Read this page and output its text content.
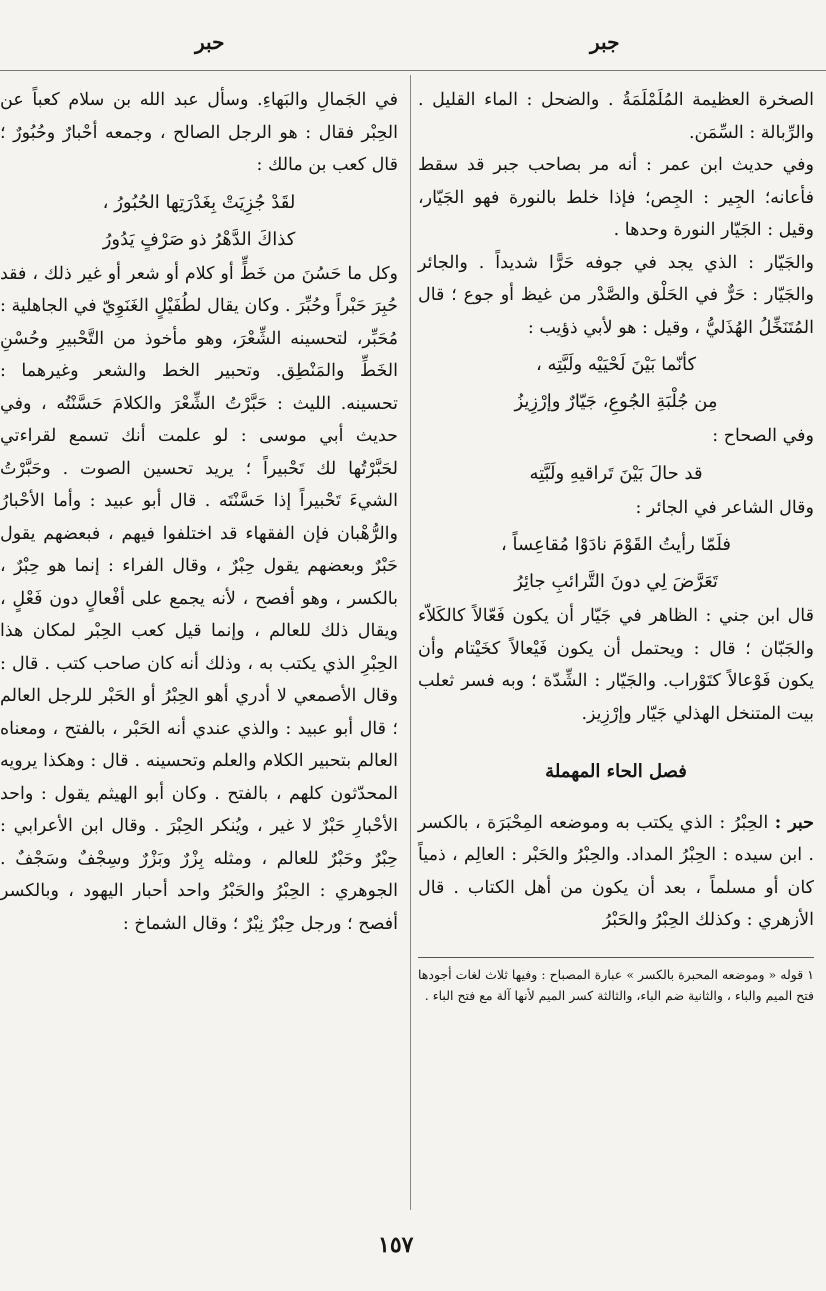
جبر
حبر

الصخرة العظيمة المُلَمْلَمَةُ . والضحل : الماء القليل . والرِّبالة : السِّمَن.

وفي حديث ابن عمر : أنه مر بصاحب جبر قد سقط فأعانه؛ الجِير : الجِص؛ فإذا خلط بالنورة فهو الجَيّار، وقيل : الجَيّار النورة وحدها .

والجَيّار : الذي يجد في جوفه حَرًّا شديداً . والجائر والجَيّار : حَرٌّ في الحَلْق والصَّدْر من غيظ أو جوع ؛ قال المُتَنَخِّلُ الهُذَليُّ ، وقيل : هو لأبي ذؤيب :

كأنّما بَيْنَ لَحْيَيْه ولَبَّتِه ،
مِن جُلْبَةِ الجُوعِ، جَيّارٌ وإرْزِيزُ

وفي الصحاح :

قد حالَ بَيْنَ تَراقيهِ ولَبَّتِه

وقال الشاعر في الجائر :

فلَمّا رأيتُ القَوْمَ نادَوْا مُقاعِساً ،
تَعَرَّضَ لِي دونَ التَّرائبِ جائِرُ

قال ابن جني : الظاهر في جَيّار أن يكون فَعّالاً كالكَلاّء والجَبّان ؛ قال : ويحتمل أن يكون فَيْعالاً كخَيْتام وأن يكون فَوْعالاً كتَوْراب. والجَيّار : الشِّدّة ؛ وبه فسر ثعلب بيت المتنخل الهذلي جَيّار وإرْزِيز.

فصل الحاء المهملة

حبر : الحِبْرُ : الذي يكتب به وموضعه المِحْبَرَة ، بالكسر . ابن سيده : الحِبْرُ المداد. والحِبْرُ والحَبْر : العالِم ، ذمياً كان أو مسلماً ، بعد أن يكون من أهل الكتاب . قال الأزهري : وكذلك الحِبْرُ والحَبْرُ

١ قوله « وموضعه المحبرة بالكسر » عبارة المصباح : وفيها ثلاث لغات أجودها فتح الميم والباء ، والثانية ضم الباء، والثالثة كسر الميم لأنها آلة مع فتح الباء .

في الجَمالِ والبَهاءِ. وسأل عبد الله بن سلام كعباً عن الحِبْر فقال : هو الرجل الصالح ، وجمعه أحْبارٌ وحُبُورٌ ؛ قال كعب بن مالك :

لقَدْ جُزِيَتْ بِغَدْرَتِها الحُبُورُ ،
كذاكَ الدَّهْرُ ذو صَرْفٍ يَدُورُ

وكل ما حَسُنَ من خَطٍّ أو كلام أو شعر أو غير ذلك ، فقد حُبِرَ حَبْراً وحُبِّرَ . وكان يقال لطُفَيْلٍ الغَنَوِيّ في الجاهلية : مُحَبِّر، لتحسينه الشِّعْرَ، وهو مأخوذ من التَّحْبيرِ وحُسْنِ الخَطِّ والمَنْطِق. وتحبير الخط والشعر وغيرهما : تحسينه. الليث : حَبَّرْتُ الشِّعْرَ والكلامَ حَسَّنْتُه ، وفي حديث أبي موسى : لو علمت أنك تسمع لقراءتي لحَبَّرْتُها لك تَحْبيراً ؛ يريد تحسين الصوت . وحَبَّرْتُ الشيءَ تَحْبيراً إذا حَسَّنْتَه . قال أبو عبيد : وأما الأحْبارُ والرُّهْبان فإن الفقهاء قد اختلفوا فيهم ، فبعضهم يقول حَبْرٌ وبعضهم يقول حِبْرٌ ، وقال الفراء : إنما هو حِبْرٌ ، بالكسر ، وهو أفصح ، لأنه يجمع على أفْعالٍ دون فَعْلٍ ، ويقال ذلك للعالم ، وإنما قيل كعب الحِبْر لمكان هذا الحِبْرِ الذي يكتب به ، وذلك أنه كان صاحب كتب . قال : وقال الأصمعي لا أدري أهو الحِبْرُ أو الحَبْر للرجل العالم ؛ قال أبو عبيد : والذي عندي أنه الحَبْر ، بالفتح ، ومعناه العالم بتحبير الكلام والعلم وتحسينه . قال : وهكذا يرويه المحدّثون كلهم ، بالفتح . وكان أبو الهيثم يقول : واحد الأحْبارِ حَبْرٌ لا غير ، ويُنكر الحِبْرَ . وقال ابن الأعرابي : حِبْرٌ وحَبْرٌ للعالم ، ومثله بِزْرٌ وبَزْرٌ وسِجْفٌ وسَجْفٌ . الجوهري : الحِبْرُ والحَبْرُ واحد أحبار اليهود ، وبالكسر أفصح ؛ ورجل حِبْرٌ نِبْرٌ ؛ وقال الشماخ :

١٥٧
